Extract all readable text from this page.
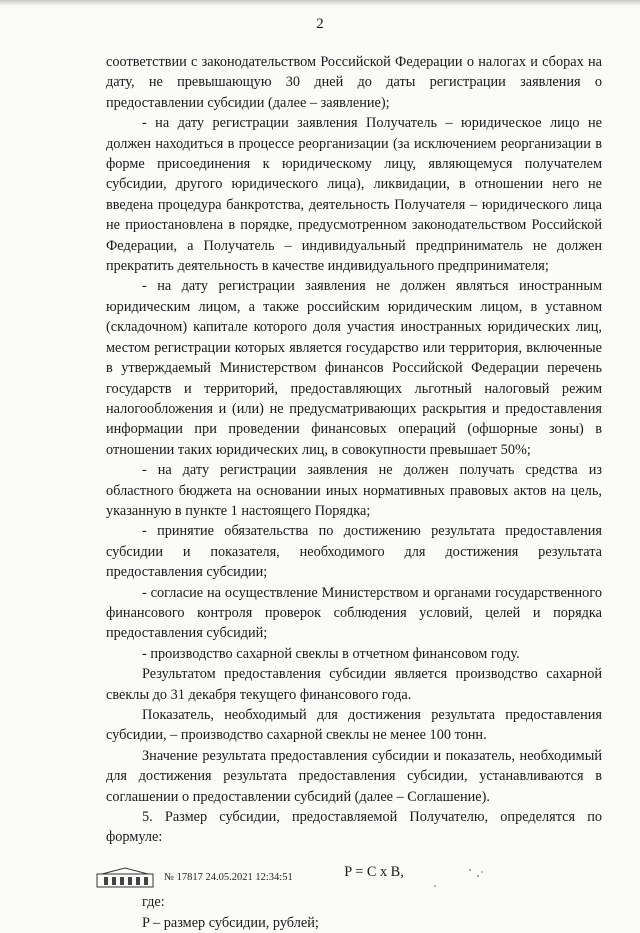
2

соответствии с законодательством Российской Федерации о налогах и сборах на дату, не превышающую 30 дней до даты регистрации заявления о предоставлении субсидии (далее – заявление);

- на дату регистрации заявления Получатель – юридическое лицо не должен находиться в процессе реорганизации (за исключением реорганизации в форме присоединения к юридическому лицу, являющемуся получателем субсидии, другого юридического лица), ликвидации, в отношении него не введена процедура банкротства, деятельность Получателя – юридического лица не приостановлена в порядке, предусмотренном законодательством Российской Федерации, а Получатель – индивидуальный предприниматель не должен прекратить деятельность в качестве индивидуального предпринимателя;

- на дату регистрации заявления не должен являться иностранным юридическим лицом, а также российским юридическим лицом, в уставном (складочном) капитале которого доля участия иностранных юридических лиц, местом регистрации которых является государство или территория, включенные в утверждаемый Министерством финансов Российской Федерации перечень государств и территорий, предоставляющих льготный налоговый режим налогообложения и (или) не предусматривающих раскрытия и предоставления информации при проведении финансовых операций (офшорные зоны) в отношении таких юридических лиц, в совокупности превышает 50%;

- на дату регистрации заявления не должен получать средства из областного бюджета на основании иных нормативных правовых актов на цель, указанную в пункте 1 настоящего Порядка;

- принятие обязательства по достижению результата предоставления субсидии и показателя, необходимого для достижения результата предоставления субсидии;

- согласие на осуществление Министерством и органами государственного финансового контроля проверок соблюдения условий, целей и порядка предоставления субсидий;

- производство сахарной свеклы в отчетном финансовом году.

Результатом предоставления субсидии является производство сахарной свеклы до 31 декабря текущего финансового года.

Показатель, необходимый для достижения результата предоставления субсидии, – производство сахарной свеклы не менее 100 тонн.

Значение результата предоставления субсидии и показатель, необходимый для достижения результата предоставления субсидии, устанавливаются в соглашении о предоставлении субсидий (далее – Соглашение).

5. Размер субсидии, предоставляемой Получателю, определятся по формуле:

P = C x B,

где:

P – размер субсидии, рублей;

№ 17817 24.05.2021 12:34:51
